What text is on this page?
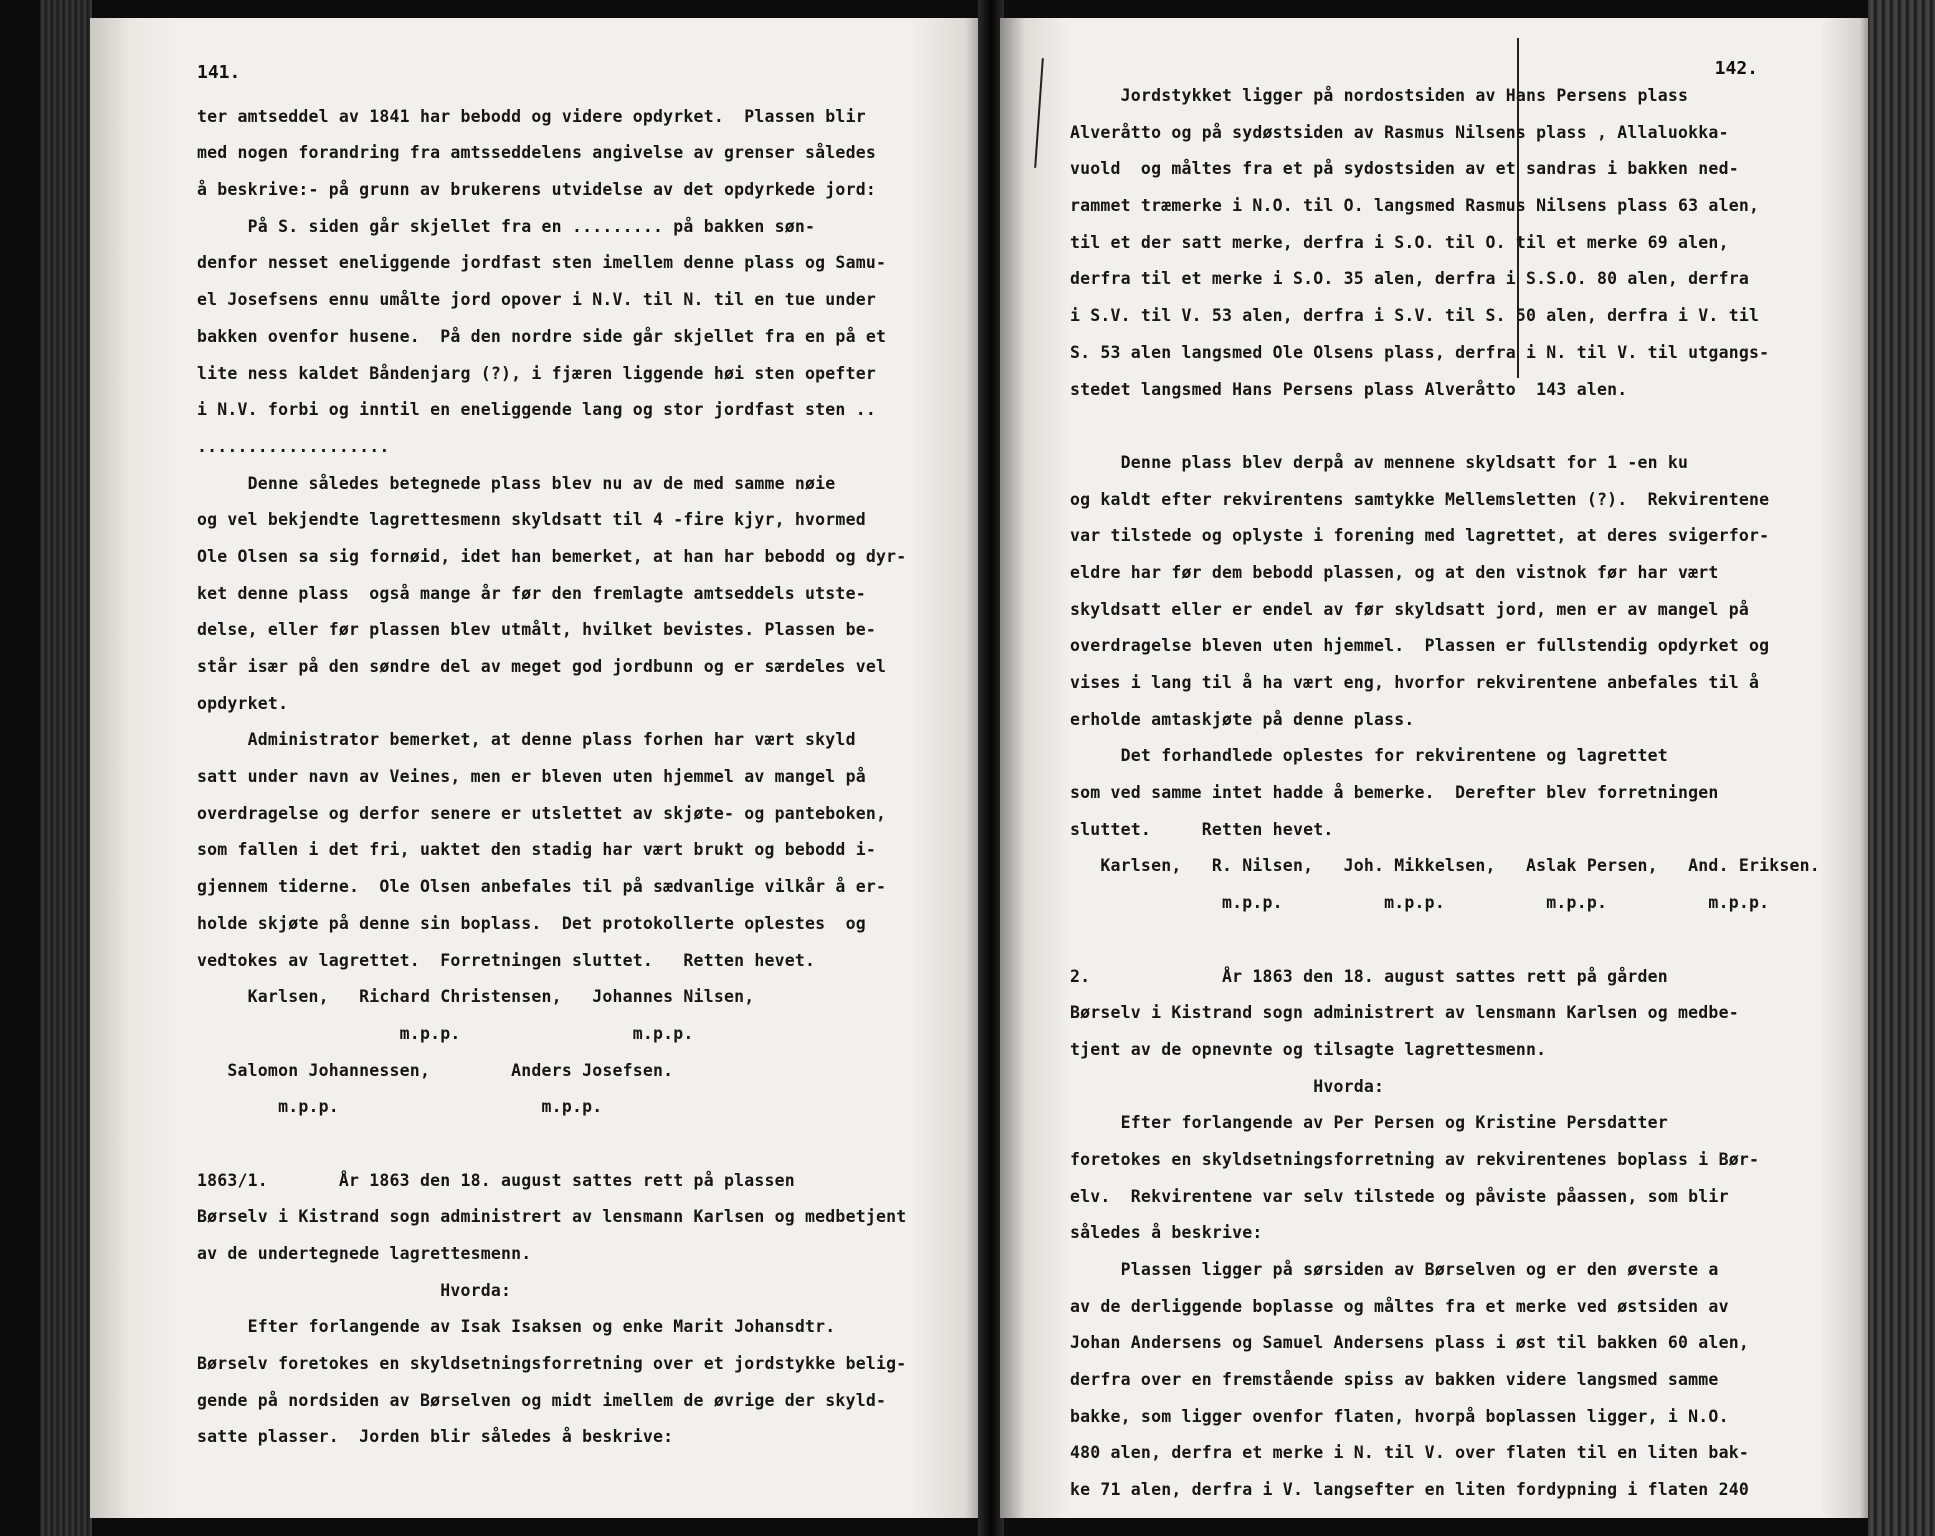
141.
ter amtseddel av 1841 har bebodd og videre opdyrket.  Plassen blir
med nogen forandring fra amtsseddelens angivelse av grenser således
å beskrive:- på grunn av brukerens utvidelse av det opdyrkede jord:
På S. siden går skjellet fra en ......... på bakken søn-
denfor nesset eneliggende jordfast sten imellem denne plass og Samu-
el Josefsens ennu umålte jord opover i N.V. til N. til en tue under
bakken ovenfor husene.  På den nordre side går skjellet fra en på et
lite ness kaldet Båndenjarg (?), i fjæren liggende høi sten opefter
i N.V. forbi og inntil en eneliggende lang og stor jordfast sten ..
...................
Denne således betegnede plass blev nu av de med samme nøie
og vel bekjendte lagrettesmenn skyldsatt til 4 -fire kjyr, hvormed
Ole Olsen sa sig fornøid, idet han bemerket, at han har bebodd og dyr-
ket denne plass  også mange år før den fremlagte amtseddels utste-
delse, eller før plassen blev utmålt, hvilket bevistes. Plassen be-
står især på den søndre del av meget god jordbunn og er særdeles vel
opdyrket.
Administrator bemerket, at denne plass forhen har vært skyld
satt under navn av Veines, men er bleven uten hjemmel av mangel på
overdragelse og derfor senere er utslettet av skjøte- og panteboken,
som fallen i det fri, uaktet den stadig har vært brukt og bebodd i-
gjennem tiderne.  Ole Olsen anbefales til på sædvanlige vilkår å er-
holde skjøte på denne sin boplass.  Det protokollerte oplestes  og
vedtokes av lagrettet.  Forretningen sluttet.   Retten hevet.
Karlsen,   Richard Christensen,   Johannes Nilsen,
m.p.p.                 m.p.p.
Salomon Johannessen,        Anders Josefsen.
m.p.p.                    m.p.p.
1863/1.       År 1863 den 18. august sattes rett på plassen
Børselv i Kistrand sogn administrert av lensmann Karlsen og medbetjent
av de undertegnede lagrettesmenn.
Hvorda:
Efter forlangende av Isak Isaksen og enke Marit Johansdtr.
Børselv foretokes en skyldsetningsforretning over et jordstykke belig-
gende på nordsiden av Børselven og midt imellem de øvrige der skyld-
satte plasser.  Jorden blir således å beskrive:
142.
Jordstykket ligger på nordostsiden av Hans Persens plass
Alveråtto og på sydøstsiden av Rasmus Nilsens plass , Allaluokka-
vuold  og måltes fra et på sydostsiden av et sandras i bakken ned-
rammet træmerke i N.O. til O. langsmed Rasmus Nilsens plass 63 alen,
til et der satt merke, derfra i S.O. til O. til et merke 69 alen,
derfra til et merke i S.O. 35 alen, derfra i S.S.O. 80 alen, derfra
i S.V. til V. 53 alen, derfra i S.V. til S. 50 alen, derfra i V. til
S. 53 alen langsmed Ole Olsens plass, derfra i N. til V. til utgangs-
stedet langsmed Hans Persens plass Alveråtto  143 alen.
Denne plass blev derpå av mennene skyldsatt for 1 -en ku
og kaldt efter rekvirentens samtykke Mellemsletten (?).  Rekvirentene
var tilstede og oplyste i forening med lagrettet, at deres svigerfor-
eldre har før dem bebodd plassen, og at den vistnok før har vært
skyldsatt eller er endel av før skyldsatt jord, men er av mangel på
overdragelse bleven uten hjemmel.  Plassen er fullstendig opdyrket og
vises i lang til å ha vært eng, hvorfor rekvirentene anbefales til å
erholde amtaskjøte på denne plass.
Det forhandlede oplestes for rekvirentene og lagrettet
som ved samme intet hadde å bemerke.  Derefter blev forretningen
sluttet.     Retten hevet.
Karlsen,   R. Nilsen,   Joh. Mikkelsen,   Aslak Persen,   And. Eriksen.
m.p.p.          m.p.p.          m.p.p.          m.p.p.
2.             År 1863 den 18. august sattes rett på gården
Børselv i Kistrand sogn administrert av lensmann Karlsen og medbe-
tjent av de opnevnte og tilsagte lagrettesmenn.
Hvorda:
Efter forlangende av Per Persen og Kristine Persdatter
foretokes en skyldsetningsforretning av rekvirentenes boplass i Bør-
elv.  Rekvirentene var selv tilstede og påviste påassen, som blir
således å beskrive:
Plassen ligger på sørsiden av Børselven og er den øverste a
av de derliggende boplasse og måltes fra et merke ved østsiden av
Johan Andersens og Samuel Andersens plass i øst til bakken 60 alen,
derfra over en fremstående spiss av bakken videre langsmed samme
bakke, som ligger ovenfor flaten, hvorpå boplassen ligger, i N.O.
480 alen, derfra et merke i N. til V. over flaten til en liten bak-
ke 71 alen, derfra i V. langsefter en liten fordypning i flaten 240
